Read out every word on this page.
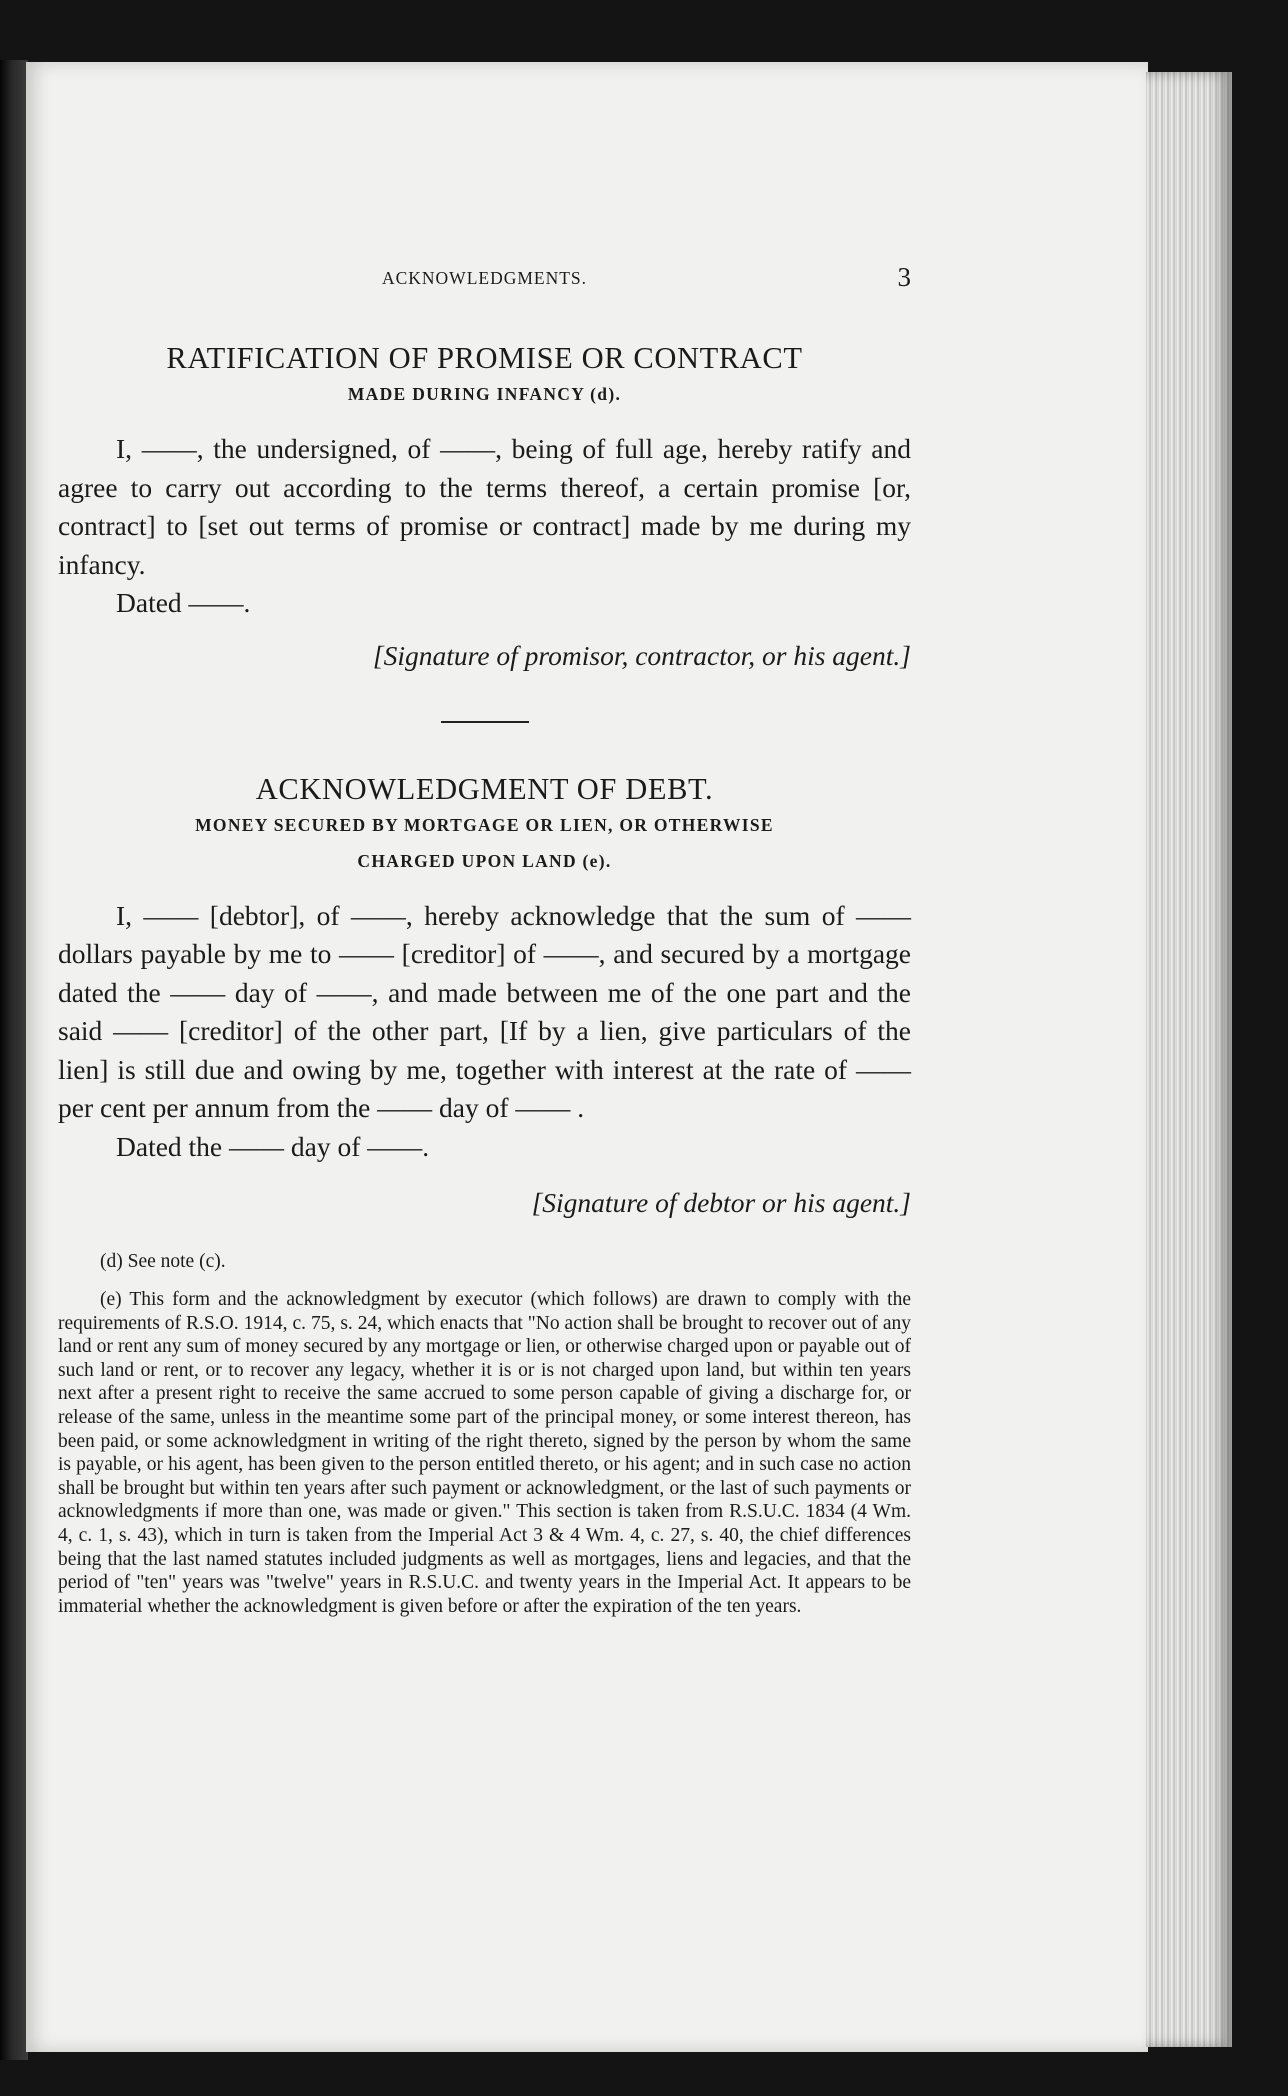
ACKNOWLEDGMENTS.	3
RATIFICATION OF PROMISE OR CONTRACT
MADE DURING INFANCY (d).

I, ——, the undersigned, of ——, being of full age, hereby ratify and agree to carry out according to the terms thereof, a certain promise [or, contract] to [set out terms of promise or contract] made by me during my infancy.

Dated ——.

[Signature of promisor, contractor, or his agent.]

ACKNOWLEDGMENT OF DEBT.
MONEY SECURED BY MORTGAGE OR LIEN, OR OTHERWISE
CHARGED UPON LAND (e).

I, —— [debtor], of ——, hereby acknowledge that the sum of —— dollars payable by me to —— [creditor] of ——, and secured by a mortgage dated the —— day of ——, and made between me of the one part and the said —— [creditor] of the other part, [If by a lien, give particulars of the lien] is still due and owing by me, together with interest at the rate of —— per cent per annum from the —— day of —— .

Dated the —— day of ——.

[Signature of debtor or his agent.]

(d) See note (c).
(e) This form and the acknowledgment by executor (which follows) are drawn to comply with the requirements of R.S.O. 1914, c. 75, s. 24, which enacts that "No action shall be brought to recover out of any land or rent any sum of money secured by any mortgage or lien, or otherwise charged upon or payable out of such land or rent, or to recover any legacy, whether it is or is not charged upon land, but within ten years next after a present right to receive the same accrued to some person capable of giving a discharge for, or release of the same, unless in the meantime some part of the principal money, or some interest thereon, has been paid, or some acknowledgment in writing of the right thereto, signed by the person by whom the same is payable, or his agent, has been given to the person entitled thereto, or his agent; and in such case no action shall be brought but within ten years after such payment or acknowledgment, or the last of such payments or acknowledgments if more than one, was made or given." This section is taken from R.S.U.C. 1834 (4 Wm. 4, c. 1, s. 43), which in turn is taken from the Imperial Act 3 & 4 Wm. 4, c. 27, s. 40, the chief differences being that the last named statutes included judgments as well as mortgages, liens and legacies, and that the period of "ten" years was "twelve" years in R.S.U.C. and twenty years in the Imperial Act. It appears to be immaterial whether the acknowledgment is given before or after the expiration of the ten years.
